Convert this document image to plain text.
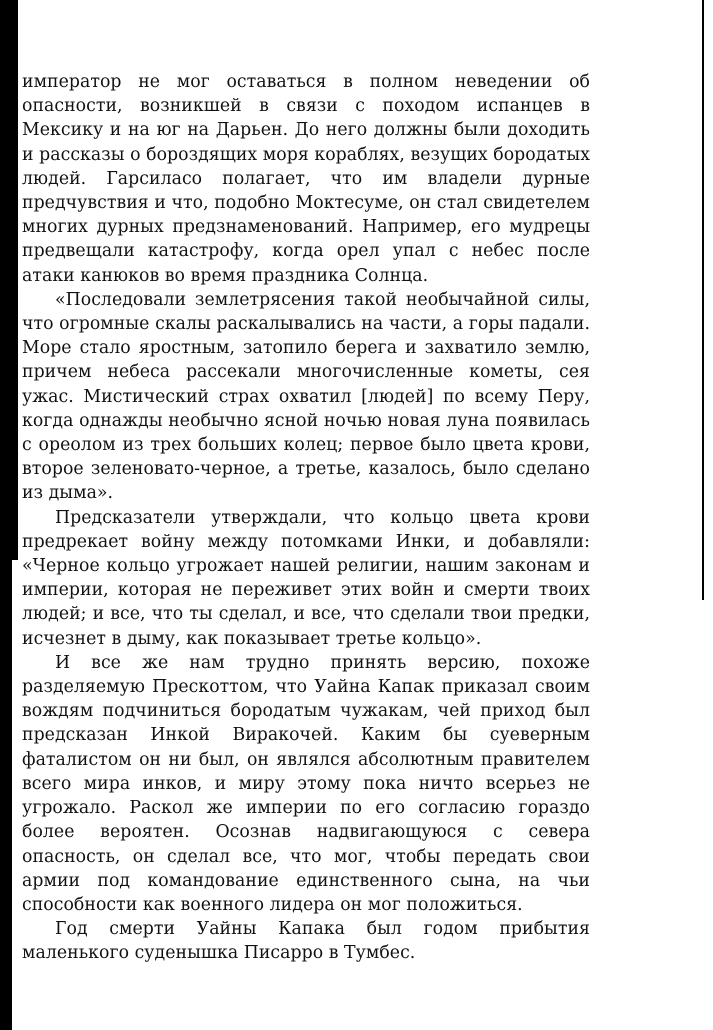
император не мог оставаться в полном неведении об опасности, возникшей в связи с походом испанцев в Мексику и на юг на Дарьен. До него должны были доходить и рассказы о бороздящих моря кораблях, везущих бородатых людей. Гарсиласо полагает, что им владели дурные предчувствия и что, подобно Моктесуме, он стал свидетелем многих дурных предзнаменований. Например, его мудрецы предвещали катастрофу, когда орел упал с небес после атаки канюков во время праздника Солнца.

«Последовали землетрясения такой необычайной силы, что огромные скалы раскалывались на части, а горы падали. Море стало яростным, затопило берега и захватило землю, причем небеса рассекали многочисленные кометы, сея ужас. Мистический страх охватил [людей] по всему Перу, когда однажды необычно ясной ночью новая луна появилась с ореолом из трех больших колец; первое было цвета крови, второе зеленовато-черное, а третье, казалось, было сделано из дыма».

Предсказатели утверждали, что кольцо цвета крови предрекает войну между потомками Инки, и добавляли: «Черное кольцо угрожает нашей религии, нашим законам и империи, которая не переживет этих войн и смерти твоих людей; и все, что ты сделал, и все, что сделали твои предки, исчезнет в дыму, как показывает третье кольцо».

И все же нам трудно принять версию, похоже разделяемую Прескоттом, что Уайна Капак приказал своим вождям подчиниться бородатым чужакам, чей приход был предсказан Инкой Виракочей. Каким бы суеверным фаталистом он ни был, он являлся абсолютным правителем всего мира инков, и миру этому пока ничто всерьез не угрожало. Раскол же империи по его согласию гораздо более вероятен. Осознав надвигающуюся с севера опасность, он сделал все, что мог, чтобы передать свои армии под командование единственного сына, на чьи способности как военного лидера он мог положиться.

Год смерти Уайны Капака был годом прибытия маленького суденышка Писарро в Тумбес.
